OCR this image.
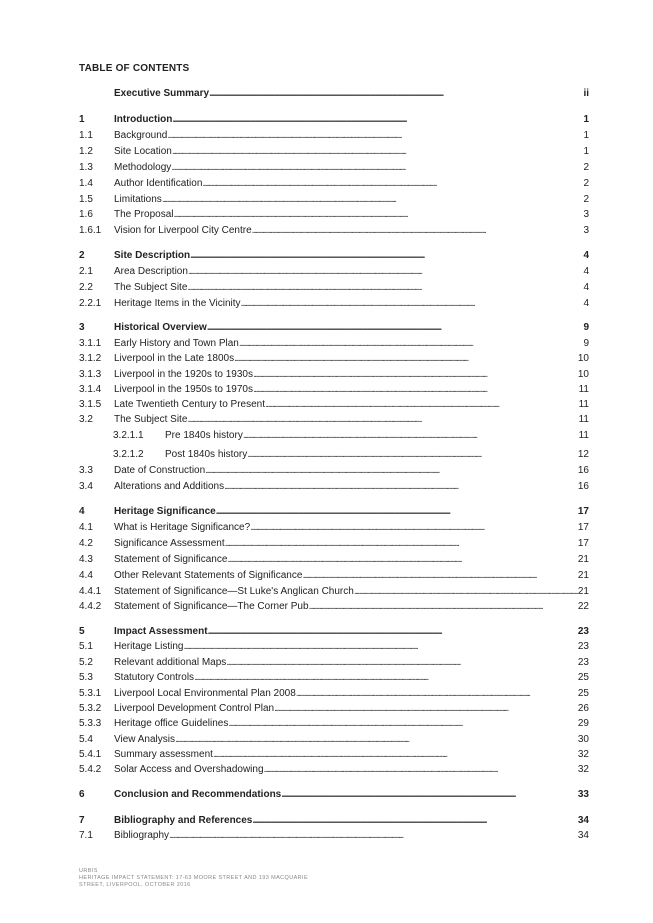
TABLE OF CONTENTS
Executive Summary . . .	ii
1	Introduction . . .	1
1.1	Background . . .	1
1.2	Site Location . . .	1
1.3	Methodology . . .	2
1.4	Author Identification . . .	2
1.5	Limitations . . .	2
1.6	The Proposal . . .	3
1.6.1	Vision for Liverpool City Centre . . .	3
2	Site Description . . .	4
2.1	Area Description . . .	4
2.2	The Subject Site . . .	4
2.2.1	Heritage Items in the Vicinity . . .	4
3	Historical Overview . . .	9
3.1.1	Early History and Town Plan . . .	9
3.1.2	Liverpool in the Late 1800s . . .	10
3.1.3	Liverpool in the 1920s to 1930s . . .	10
3.1.4	Liverpool in the 1950s to 1970s . . .	11
3.1.5	Late Twentieth Century to Present . . .	11
3.2	The Subject Site . . .	11
3.2.1.1	Pre 1840s history . . .	11
3.2.1.2	Post 1840s history . . .	12
3.3	Date of Construction . . .	16
3.4	Alterations and Additions . . .	16
4	Heritage Significance . . .	17
4.1	What is Heritage Significance? . . .	17
4.2	Significance Assessment . . .	17
4.3	Statement of Significance . . .	21
4.4	Other Relevant Statements of Significance . . .	21
4.4.1	Statement of Significance—St Luke's Anglican Church . . .	21
4.4.2	Statement of Significance—The Corner Pub . . .	22
5	Impact Assessment . . .	23
5.1	Heritage Listing . . .	23
5.2	Relevant additional Maps . . .	23
5.3	Statutory Controls . . .	25
5.3.1	Liverpool Local Environmental Plan 2008 . . .	25
5.3.2	Liverpool Development Control Plan . . .	26
5.3.3	Heritage office Guidelines . . .	29
5.4	View Analysis . . .	30
5.4.1	Summary assessment . . .	32
5.4.2	Solar Access and Overshadowing . . .	32
6	Conclusion and Recommendations . . .	33
7	Bibliography and References . . .	34
7.1	Bibliography . . .	34
URBIS
HERITAGE IMPACT STATEMENT: 17-63 MOORE STREET AND 193 MACQUARIE
STREET, LIVERPOOL, OCTOBER 2016
